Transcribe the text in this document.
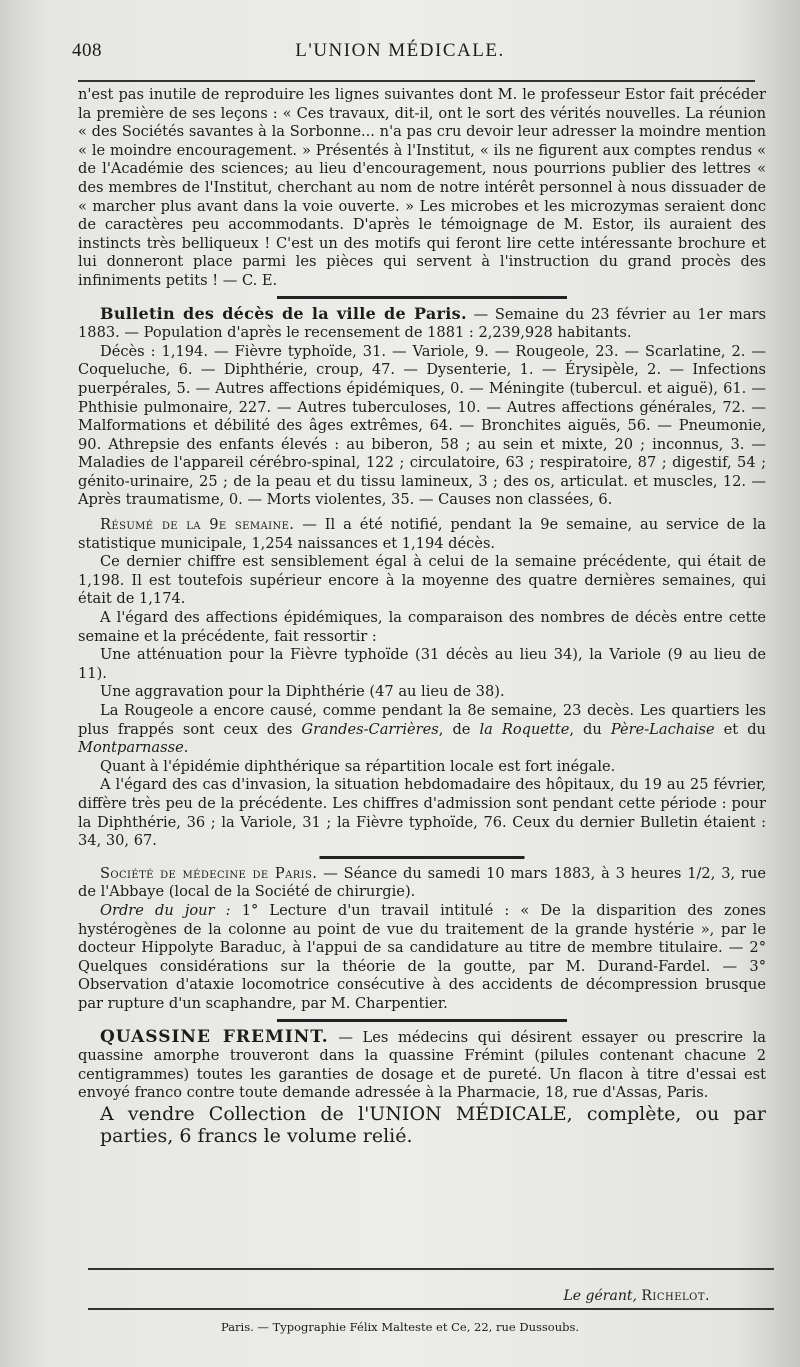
408	L'UNION MÉDICALE.

n'est pas inutile de reproduire les lignes suivantes dont M. le professeur Estor fait précéder la première de ses leçons : « Ces travaux, dit-il, ont le sort des vérités nouvelles. La réunion « des Sociétés savantes à la Sorbonne... n'a pas cru devoir leur adresser la moindre mention « le moindre encouragement. » Présentés à l'Institut, « ils ne figurent aux comptes rendus « de l'Académie des sciences; au lieu d'encouragement, nous pourrions publier des lettres « des membres de l'Institut, cherchant au nom de notre intérêt personnel à nous dissuader de « marcher plus avant dans la voie ouverte. » Les microbes et les microzymas seraient donc de caractères peu accommodants. D'après le témoignage de M. Estor, ils auraient des instincts très belliqueux ! C'est un des motifs qui feront lire cette intéressante brochure et lui donneront place parmi les pièces qui servent à l'instruction du grand procès des infiniments petits ! — C. E.

Bulletin des décès de la ville de Paris. — Semaine du 23 février au 1er mars 1883. — Population d'après le recensement de 1881 : 2,239,928 habitants.

Décès : 1,194. — Fièvre typhoïde, 31. — Variole, 9. — Rougeole, 23. — Scarlatine, 2. — Coqueluche, 6. — Diphthérie, croup, 47. — Dysenterie, 1. — Érysipèle, 2. — Infections puerpérales, 5. — Autres affections épidémiques, 0. — Méningite (tubercul. et aiguë), 61. — Phthisie pulmonaire, 227. — Autres tuberculoses, 10. — Autres affections générales, 72. — Malformations et débilité des âges extrêmes, 64. — Bronchites aiguës, 56. — Pneumonie, 90. Athrepsie des enfants élevés : au biberon, 58 ; au sein et mixte, 20 ; inconnus, 3. — Maladies de l'appareil cérébro-spinal, 122 ; circulatoire, 63 ; respiratoire, 87 ; digestif, 54 ; génito-urinaire, 25 ; de la peau et du tissu lamineux, 3 ; des os, articulat. et muscles, 12. — Après traumatisme, 0. — Morts violentes, 35. — Causes non classées, 6.

Résumé de la 9e semaine. — Il a été notifié, pendant la 9e semaine, au service de la statistique municipale, 1,254 naissances et 1,194 décès.

Ce dernier chiffre est sensiblement égal à celui de la semaine précédente, qui était de 1,198. Il est toutefois supérieur encore à la moyenne des quatre dernières semaines, qui était de 1,174.

A l'égard des affections épidémiques, la comparaison des nombres de décès entre cette semaine et la précédente, fait ressortir :

Une atténuation pour la Fièvre typhoïde (31 décès au lieu 34), la Variole (9 au lieu de 11).

Une aggravation pour la Diphthérie (47 au lieu de 38).

La Rougeole a encore causé, comme pendant la 8e semaine, 23 decès. Les quartiers les plus frappés sont ceux des Grandes-Carrières, de la Roquette, du Père-Lachaise et du Montparnasse.

Quant à l'épidémie diphthérique sa répartition locale est fort inégale.

A l'égard des cas d'invasion, la situation hebdomadaire des hôpitaux, du 19 au 25 février, diffère très peu de la précédente. Les chiffres d'admission sont pendant cette période : pour la Diphthérie, 36 ; la Variole, 31 ; la Fièvre typhoïde, 76. Ceux du dernier Bulletin étaient : 34, 30, 67.

Société de médecine de Paris. — Séance du samedi 10 mars 1883, à 3 heures 1/2, 3, rue de l'Abbaye (local de la Société de chirurgie).

Ordre du jour : 1° Lecture d'un travail intitulé : « De la disparition des zones hystérogènes de la colonne au point de vue du traitement de la grande hystérie », par le docteur Hippolyte Baraduc, à l'appui de sa candidature au titre de membre titulaire. — 2° Quelques considérations sur la théorie de la goutte, par M. Durand-Fardel. — 3° Observation d'ataxie locomotrice consécutive à des accidents de décompression brusque par rupture d'un scaphandre, par M. Charpentier.

QUASSINE FREMINT. — Les médecins qui désirent essayer ou prescrire la quassine amorphe trouveront dans la quassine Frémint (pilules contenant chacune 2 centigrammes) toutes les garanties de dosage et de pureté. Un flacon à titre d'essai est envoyé franco contre toute demande adressée à la Pharmacie, 18, rue d'Assas, Paris.

A vendre Collection de l'UNION MÉDICALE, complète, ou par parties, 6 francs le volume relié.

Le gérant, Richelot.
Paris. — Typographie Félix Malteste et Ce, 22, rue Dussoubs.
